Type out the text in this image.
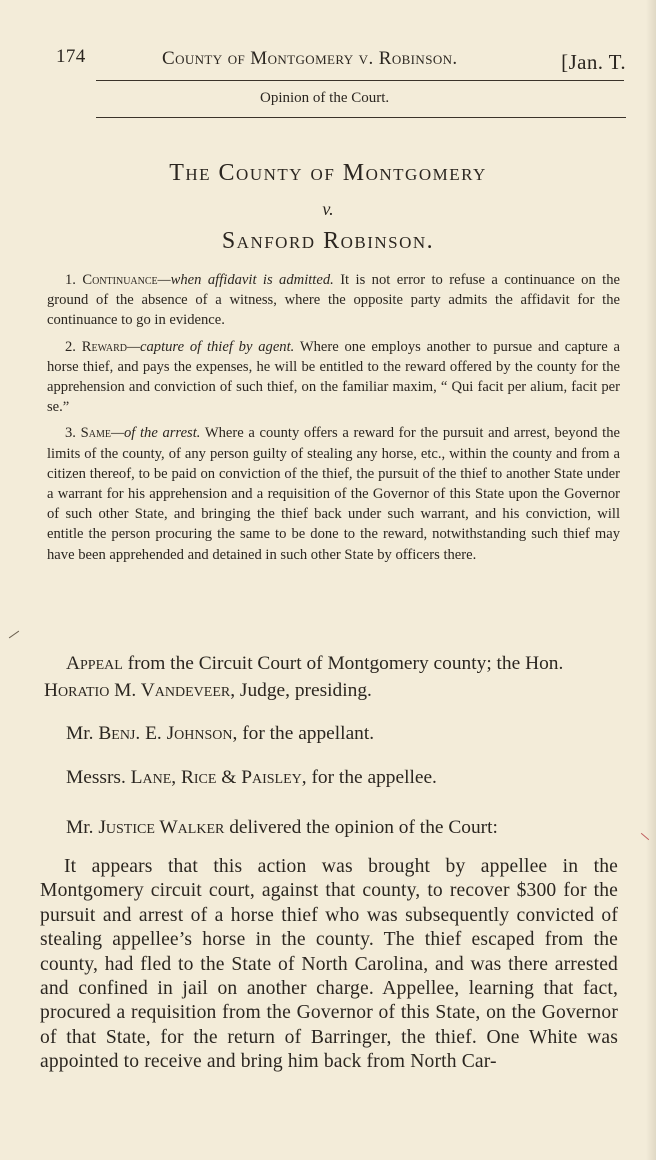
174	County of Montgomery v. Robinson.	[Jan. T.
Opinion of the Court.
The County of Montgomery
v.
Sanford Robinson.

1. Continuance—when affidavit is admitted. It is not error to refuse a continuance on the ground of the absence of a witness, where the opposite party admits the affidavit for the continuance to go in evidence.

2. Reward—capture of thief by agent. Where one employs another to pursue and capture a horse thief, and pays the expenses, he will be entitled to the reward offered by the county for the apprehension and conviction of such thief, on the familiar maxim, “ Qui facit per alium, facit per se.”

3. Same—of the arrest. Where a county offers a reward for the pursuit and arrest, beyond the limits of the county, of any person guilty of stealing any horse, etc., within the county and from a citizen thereof, to be paid on conviction of the thief, the pursuit of the thief to another State under a warrant for his apprehension and a requisition of the Governor of this State upon the Governor of such other State, and bringing the thief back under such warrant, and his conviction, will entitle the person procuring the same to be done to the reward, notwithstanding such thief may have been apprehended and detained in such other State by officers there.

Appeal from the Circuit Court of Montgomery county; the Hon. Horatio M. Vandeveer, Judge, presiding.
Mr. Benj. E. Johnson, for the appellant.
Messrs. Lane, Rice & Paisley, for the appellee.
Mr. Justice Walker delivered the opinion of the Court:
It appears that this action was brought by appellee in the Montgomery circuit court, against that county, to recover $300 for the pursuit and arrest of a horse thief who was subsequently convicted of stealing appellee’s horse in the county. The thief escaped from the county, had fled to the State of North Carolina, and was there arrested and confined in jail on another charge. Appellee, learning that fact, procured a requisition from the Governor of this State, on the Governor of that State, for the return of Barringer, the thief. One White was appointed to receive and bring him back from North Car-
